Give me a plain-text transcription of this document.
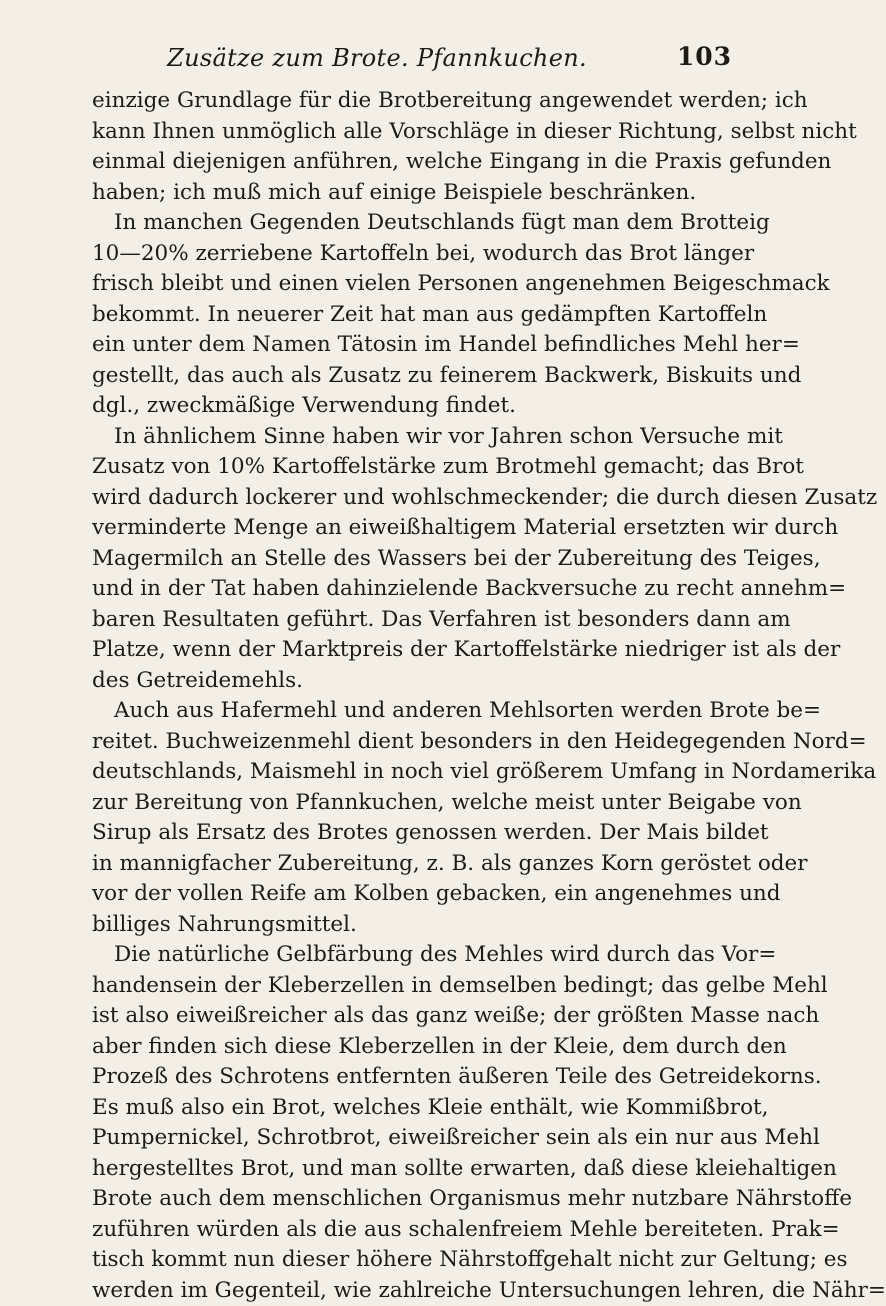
Zusätze zum Brote. Pfannkuchen.	103
einzige Grundlage für die Brotbereitung angewendet werden; ich
kann Ihnen unmöglich alle Vorschläge in dieser Richtung, selbst nicht
einmal diejenigen anführen, welche Eingang in die Praxis gefunden
haben; ich muß mich auf einige Beispiele beschränken.
In manchen Gegenden Deutschlands fügt man dem Brotteig
10—20% zerriebene Kartoffeln bei, wodurch das Brot länger
frisch bleibt und einen vielen Personen angenehmen Beigeschmack
bekommt. In neuerer Zeit hat man aus gedämpften Kartoffeln
ein unter dem Namen Tätosin im Handel befindliches Mehl her=
gestellt, das auch als Zusatz zu feinerem Backwerk, Biskuits und
dgl., zweckmäßige Verwendung findet.
In ähnlichem Sinne haben wir vor Jahren schon Versuche mit
Zusatz von 10% Kartoffelstärke zum Brotmehl gemacht; das Brot
wird dadurch lockerer und wohlschmeckender; die durch diesen Zusatz
verminderte Menge an eiweißhaltigem Material ersetzten wir durch
Magermilch an Stelle des Wassers bei der Zubereitung des Teiges,
und in der Tat haben dahinzielende Backversuche zu recht annehm=
baren Resultaten geführt. Das Verfahren ist besonders dann am
Platze, wenn der Marktpreis der Kartoffelstärke niedriger ist als der
des Getreidemehls.
Auch aus Hafermehl und anderen Mehlsorten werden Brote be=
reitet. Buchweizenmehl dient besonders in den Heidegegenden Nord=
deutschlands, Maismehl in noch viel größerem Umfang in Nordamerika
zur Bereitung von Pfannkuchen, welche meist unter Beigabe von
Sirup als Ersatz des Brotes genossen werden. Der Mais bildet
in mannigfacher Zubereitung, z. B. als ganzes Korn geröstet oder
vor der vollen Reife am Kolben gebacken, ein angenehmes und
billiges Nahrungsmittel.
Die natürliche Gelbfärbung des Mehles wird durch das Vor=
handensein der Kleberzellen in demselben bedingt; das gelbe Mehl
ist also eiweißreicher als das ganz weiße; der größten Masse nach
aber finden sich diese Kleberzellen in der Kleie, dem durch den
Prozeß des Schrotens entfernten äußeren Teile des Getreidekorns.
Es muß also ein Brot, welches Kleie enthält, wie Kommißbrot,
Pumpernickel, Schrotbrot, eiweißreicher sein als ein nur aus Mehl
hergestelltes Brot, und man sollte erwarten, daß diese kleiehaltigen
Brote auch dem menschlichen Organismus mehr nutzbare Nährstoffe
zuführen würden als die aus schalenfreiem Mehle bereiteten. Prak=
tisch kommt nun dieser höhere Nährstoffgehalt nicht zur Geltung; es
werden im Gegenteil, wie zahlreiche Untersuchungen lehren, die Nähr=
